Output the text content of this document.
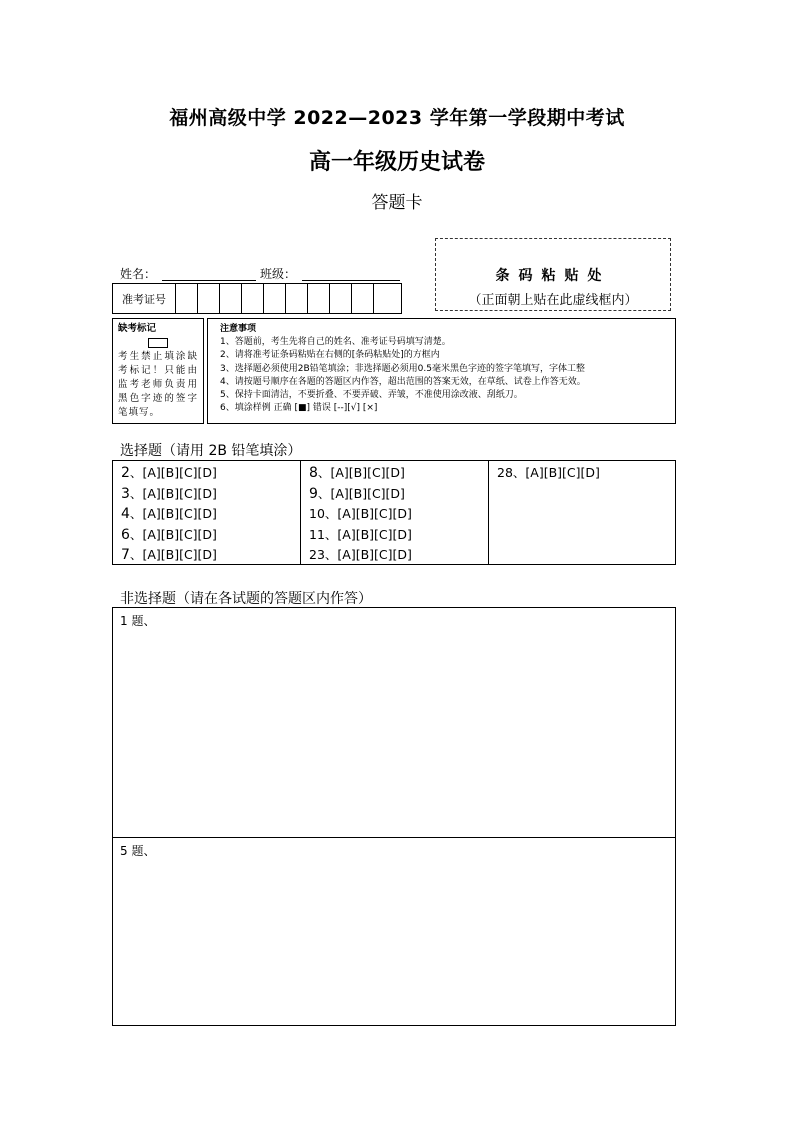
福州高级中学 2022—2023 学年第一学段期中考试
高一年级历史试卷
答题卡
条码粘贴处
（正面朝上贴在此虚线框内）
姓名：	班级：
准考证号
缺考标记
考生禁止填涂缺考标记！只能由监考老师负责用黑色字迹的签字笔填写。
注意事项
1、答题前，考生先将自己的姓名、准考证号码填写清楚。
2、请将准考证条码粘贴在右侧的[条码粘贴处]的方框内
3、选择题必须使用2B铅笔填涂；非选择题必须用0.5毫米黑色字迹的签字笔填写，字体工整
4、请按题号顺序在各题的答题区内作答，超出范围的答案无效，在草纸、试卷上作答无效。
5、保持卡面清洁，不要折叠、不要弄破、弄皱，不准使用涂改液、刮纸刀。
6、填涂样例 正确 [■] 错误 [--][√] [×]
选择题（请用 2B 铅笔填涂）
2、[A][B][C][D]
3、[A][B][C][D]
4、[A][B][C][D]
6、[A][B][C][D]
7、[A][B][C][D]
8、[A][B][C][D]
9、[A][B][C][D]
10、[A][B][C][D]
11、[A][B][C][D]
23、[A][B][C][D]
28、[A][B][C][D]
非选择题（请在各试题的答题区内作答）
1 题、
5 题、
